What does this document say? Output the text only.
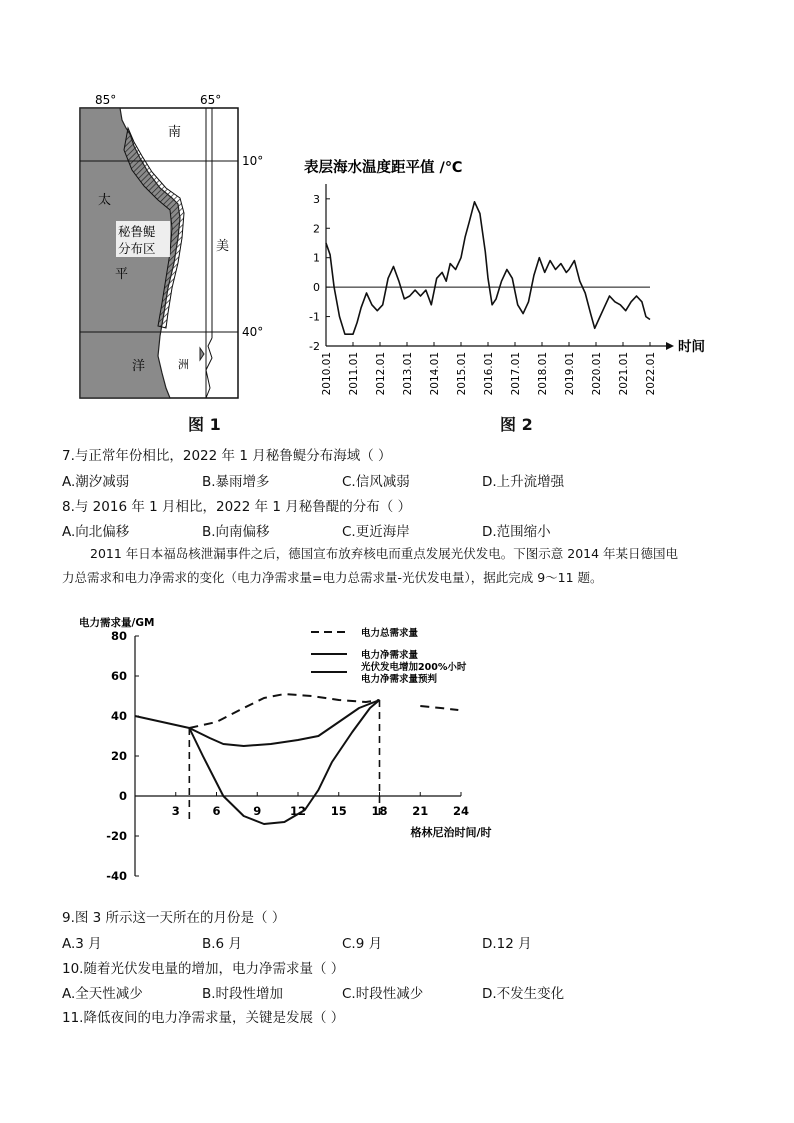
85°	65°
10°
40°
南
太
平
洋
美
洲
秘鲁鳀
分布区
图 1
表层海水温度距平值 /℃
时间
3
2
1
0
-1
-2
2010.01 2011.01 2012.01 2013.01 2014.01 2015.01 2016.01 2017.01 2018.01 2019.01 2020.01 2021.01 2022.01
图 2
7.与正常年份相比，2022 年 1 月秘鲁鳀分布海域（ ）
A.潮汐减弱	B.暴雨增多	C.信风减弱	D.上升流增强
8.与 2016 年 1 月相比，2022 年 1 月秘鲁醍的分布（ ）
A.向北偏移	B.向南偏移	C.更近海岸	D.范围缩小
2011 年日本福岛核泄漏事件之后，德国宣布放弃核电而重点发展光伏发电。下图示意 2014 年某日德国电
力总需求和电力净需求的变化（电力净需求量=电力总需求量-光伏发电量），据此完成 9～11 题。
电力需求量/GM
80
60
40
20
0
-20
-40
3	6	9 12 15 18 21 24
格林尼治时间/时
电力总需求量
电力净需求量
光伏发电增加200%小时
电力净需求量预判
9.图 3 所示这一天所在的月份是（ ）
A.3 月	B.6 月	C.9 月	D.12 月
10.随着光伏发电量的增加，电力净需求量（ ）
A.全天性减少	B.时段性增加	C.时段性减少	D.不发生变化
11.降低夜间的电力净需求量，关键是发展（ ）
